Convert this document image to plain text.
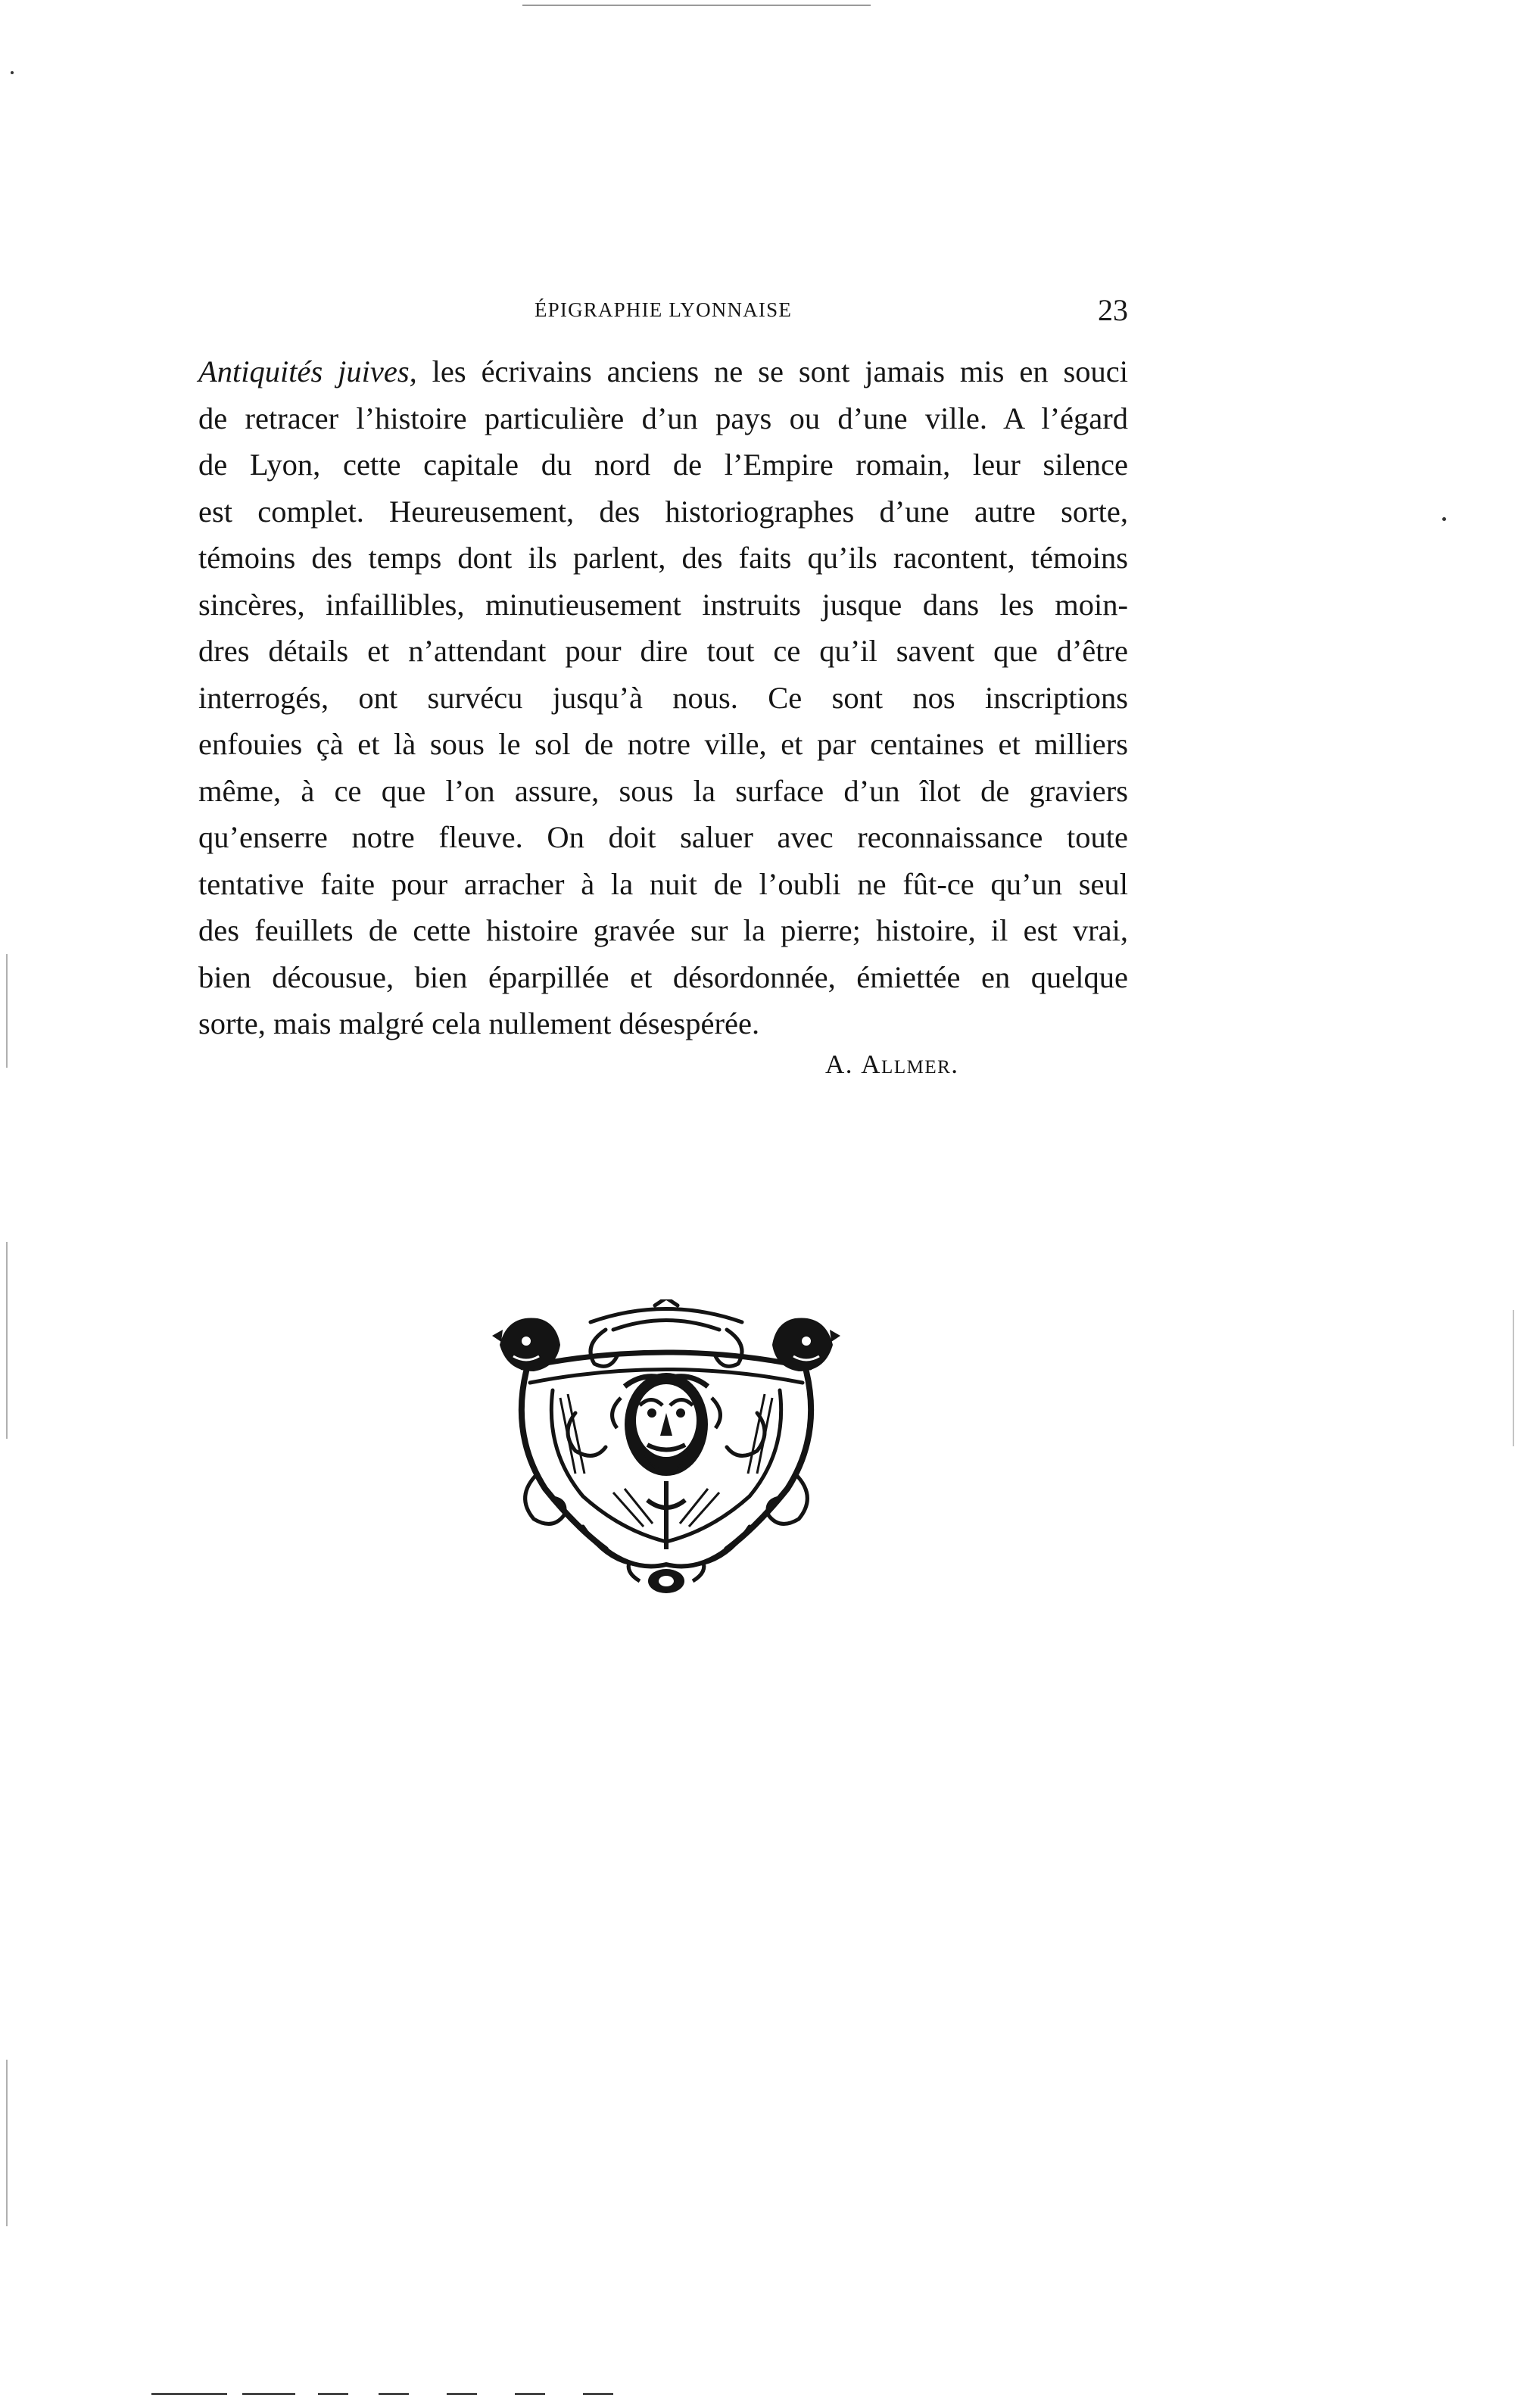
ÉPIGRAPHIE LYONNAISE	23
Antiquités juives, les écrivains anciens ne se sont jamais mis en souci
de retracer l’histoire particulière d’un pays ou d’une ville. A l’égard
de Lyon, cette capitale du nord de l’Empire romain, leur silence
est complet. Heureusement, des historiographes d’une autre sorte,
témoins des temps dont ils parlent, des faits qu’ils racontent, témoins
sincères, infaillibles, minutieusement instruits jusque dans les moin-
dres détails et n’attendant pour dire tout ce qu’il savent que d’être
interrogés, ont survécu jusqu’à nous. Ce sont nos inscriptions
enfouies çà et là sous le sol de notre ville, et par centaines et milliers
même, à ce que l’on assure, sous la surface d’un îlot de graviers
qu’enserre notre fleuve. On doit saluer avec reconnaissance toute
tentative faite pour arracher à la nuit de l’oubli ne fût-ce qu’un seul
des feuillets de cette histoire gravée sur la pierre; histoire, il est vrai,
bien décousue, bien éparpillée et désordonnée, émiettée en quelque
sorte, mais malgré cela nullement désespérée.
A. Allmer.
